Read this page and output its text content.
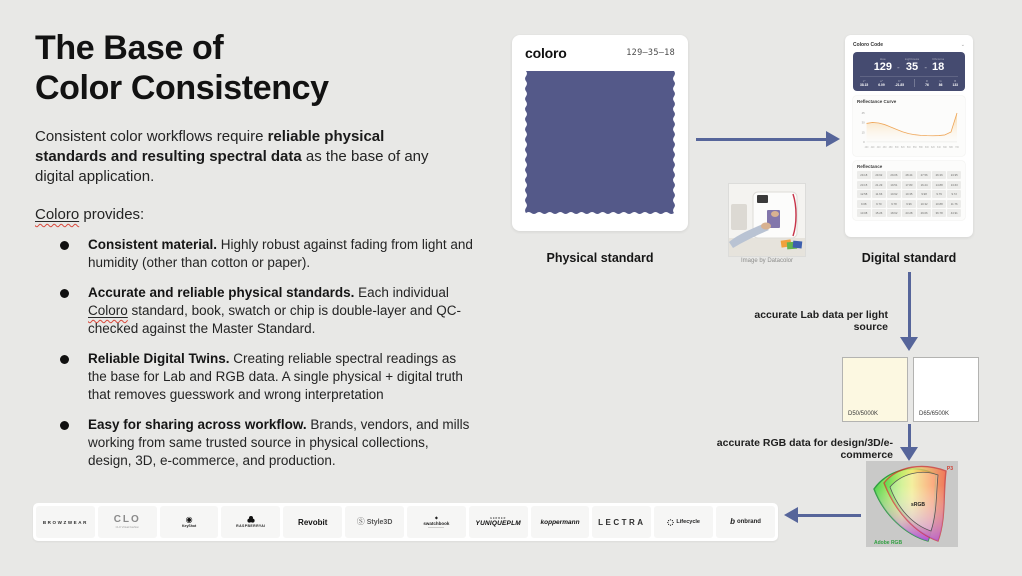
The Base of
Color Consistency
Consistent color workflows require reliable physical standards and resulting spectral data as the base of any digital application.
Coloro provides:
Consistent material. Highly robust against fading from light and humidity (other than cotton or paper).
Accurate and reliable physical standards. Each individual Coloro standard, book, swatch or chip is double-layer and QC-checked against the Master Standard.
Reliable Digital Twins. Creating reliable spectral readings as the base for Lab and RGB data. A single physical + digital truth that removes guesswork and wrong interpretation
Easy for sharing across workflow. Brands, vendors, and mills working from same trusted source in physical collections, design, 3D, e-commerce, and production.
coloro	129—35—18
Physical standard	Image by Datacolor
Coloro Code	⌄
Hue
129 -
Lightness
35 -
Chroma
18
L*
38.15
a*
6.09
b*
-21.85
R
76
G
86
B
133
Reflectance Curve
45
30
15
0
400 420 440 460 480 500 520 540 560 580 600 620 640 660 680 700
Reflectance
29.18	29.62	29.06	28.44	27.56	26.36	24.95
23.15	21.29	19.51	17.83	16.24	14.88	13.63
12.58	11.66	10.92	10.35	9.98	9.79	9.72
9.68	9.70	9.78	9.96	10.32	10.88	11.76
13.08	15.26	18.62	23.28	29.06	36.78	44.91
Digital standard
accurate Lab data per light source
D50/5000K	D65/6500K
accurate RGB data for design/3D/e-commerce
P3
sRGB
Adobe RGB
BROWZWEAR	CLO
CLO Virtual Fashion
◉
KeyShot	RASPBERRYAI	Revobit	Ⓢ Style3D
◆
swatchbook
GERBER
YUNIQUEPLM	koppermann LECTRA	Lifecycle	b onbrand
